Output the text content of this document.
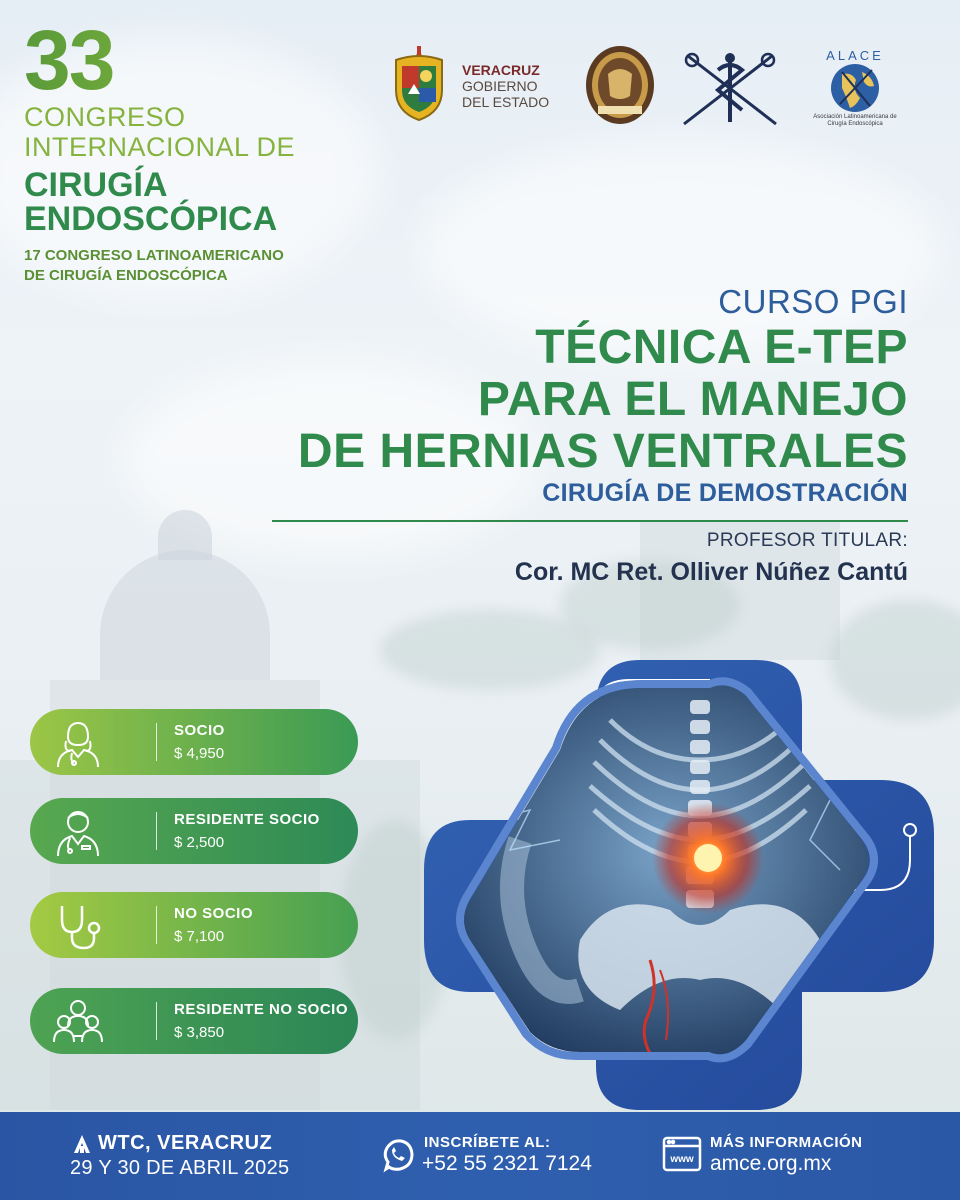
33
CONGRESO
INTERNACIONAL DE
CIRUGÍA
ENDOSCÓPICA
17 CONGRESO LATINOAMERICANO
DE CIRUGÍA ENDOSCÓPICA
VERACRUZ
GOBIERNO
DEL ESTADO
ALACE
Asociación Latinoamericana de Cirugía Endoscópica
CURSO PGI
TÉCNICA E-TEP
PARA EL MANEJO
DE HERNIAS VENTRALES
CIRUGÍA DE DEMOSTRACIÓN
PROFESOR TITULAR:
Cor. MC Ret. Olliver Núñez Cantú
SOCIO
$ 4,950
RESIDENTE SOCIO
$ 2,500
NO SOCIO
$ 7,100
RESIDENTE NO SOCIO
$ 3,850
WTC, VERACRUZ
29 Y 30 DE ABRIL 2025
INSCRÍBETE AL:
+52 55 2321 7124	www
MÁS INFORMACIÓN
amce.org.mx
